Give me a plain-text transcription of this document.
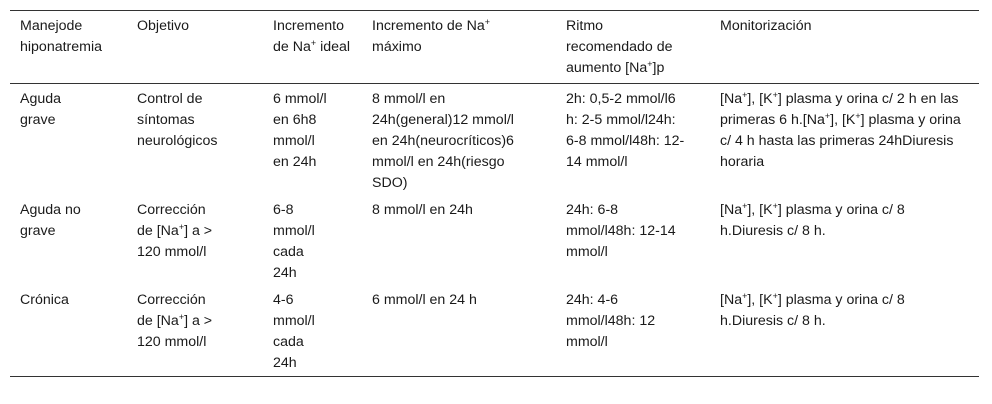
Manejode hiponatremia	Objetivo	Incremento de Na+ ideal	Incremento de Na+
máximo	Ritmo recomendado de aumento [Na+]p	Monitorización

Aguda grave	Control de síntomas neurológicos	6 mmol/l en 6h8 mmol/l en 24h	8 mmol/l en 24h(general)12 mmol/l en 24h(neurocríticos)6 mmol/l en 24h(riesgo SDO)	2h: 0,5-2 mmol/l6      h: 2-5 mmol/l24h: 6-8 mmol/l48h: 12-14 mmol/l	[Na+], [K+] plasma y orina c/ 2 h en las primeras 6 h.[Na+], [K+] plasma y orina c/ 4 h hasta las primeras 24hDiuresis horaria

Aguda no grave	Corrección de [Na+] a > 120 mmol/l	6-8 mmol/l cada 24h	8 mmol/l en 24h	24h: 6-8 mmol/l48h: 12-14 mmol/l	[Na+], [K+] plasma y orina c/ 8 h.Diuresis c/ 8 h.

Crónica	Corrección de [Na+] a > 120 mmol/l	4-6 mmol/l cada 24h	6 mmol/l en 24 h	24h: 4-6 mmol/l48h: 12 mmol/l	[Na+], [K+] plasma y orina c/ 8 h.Diuresis c/ 8 h.
